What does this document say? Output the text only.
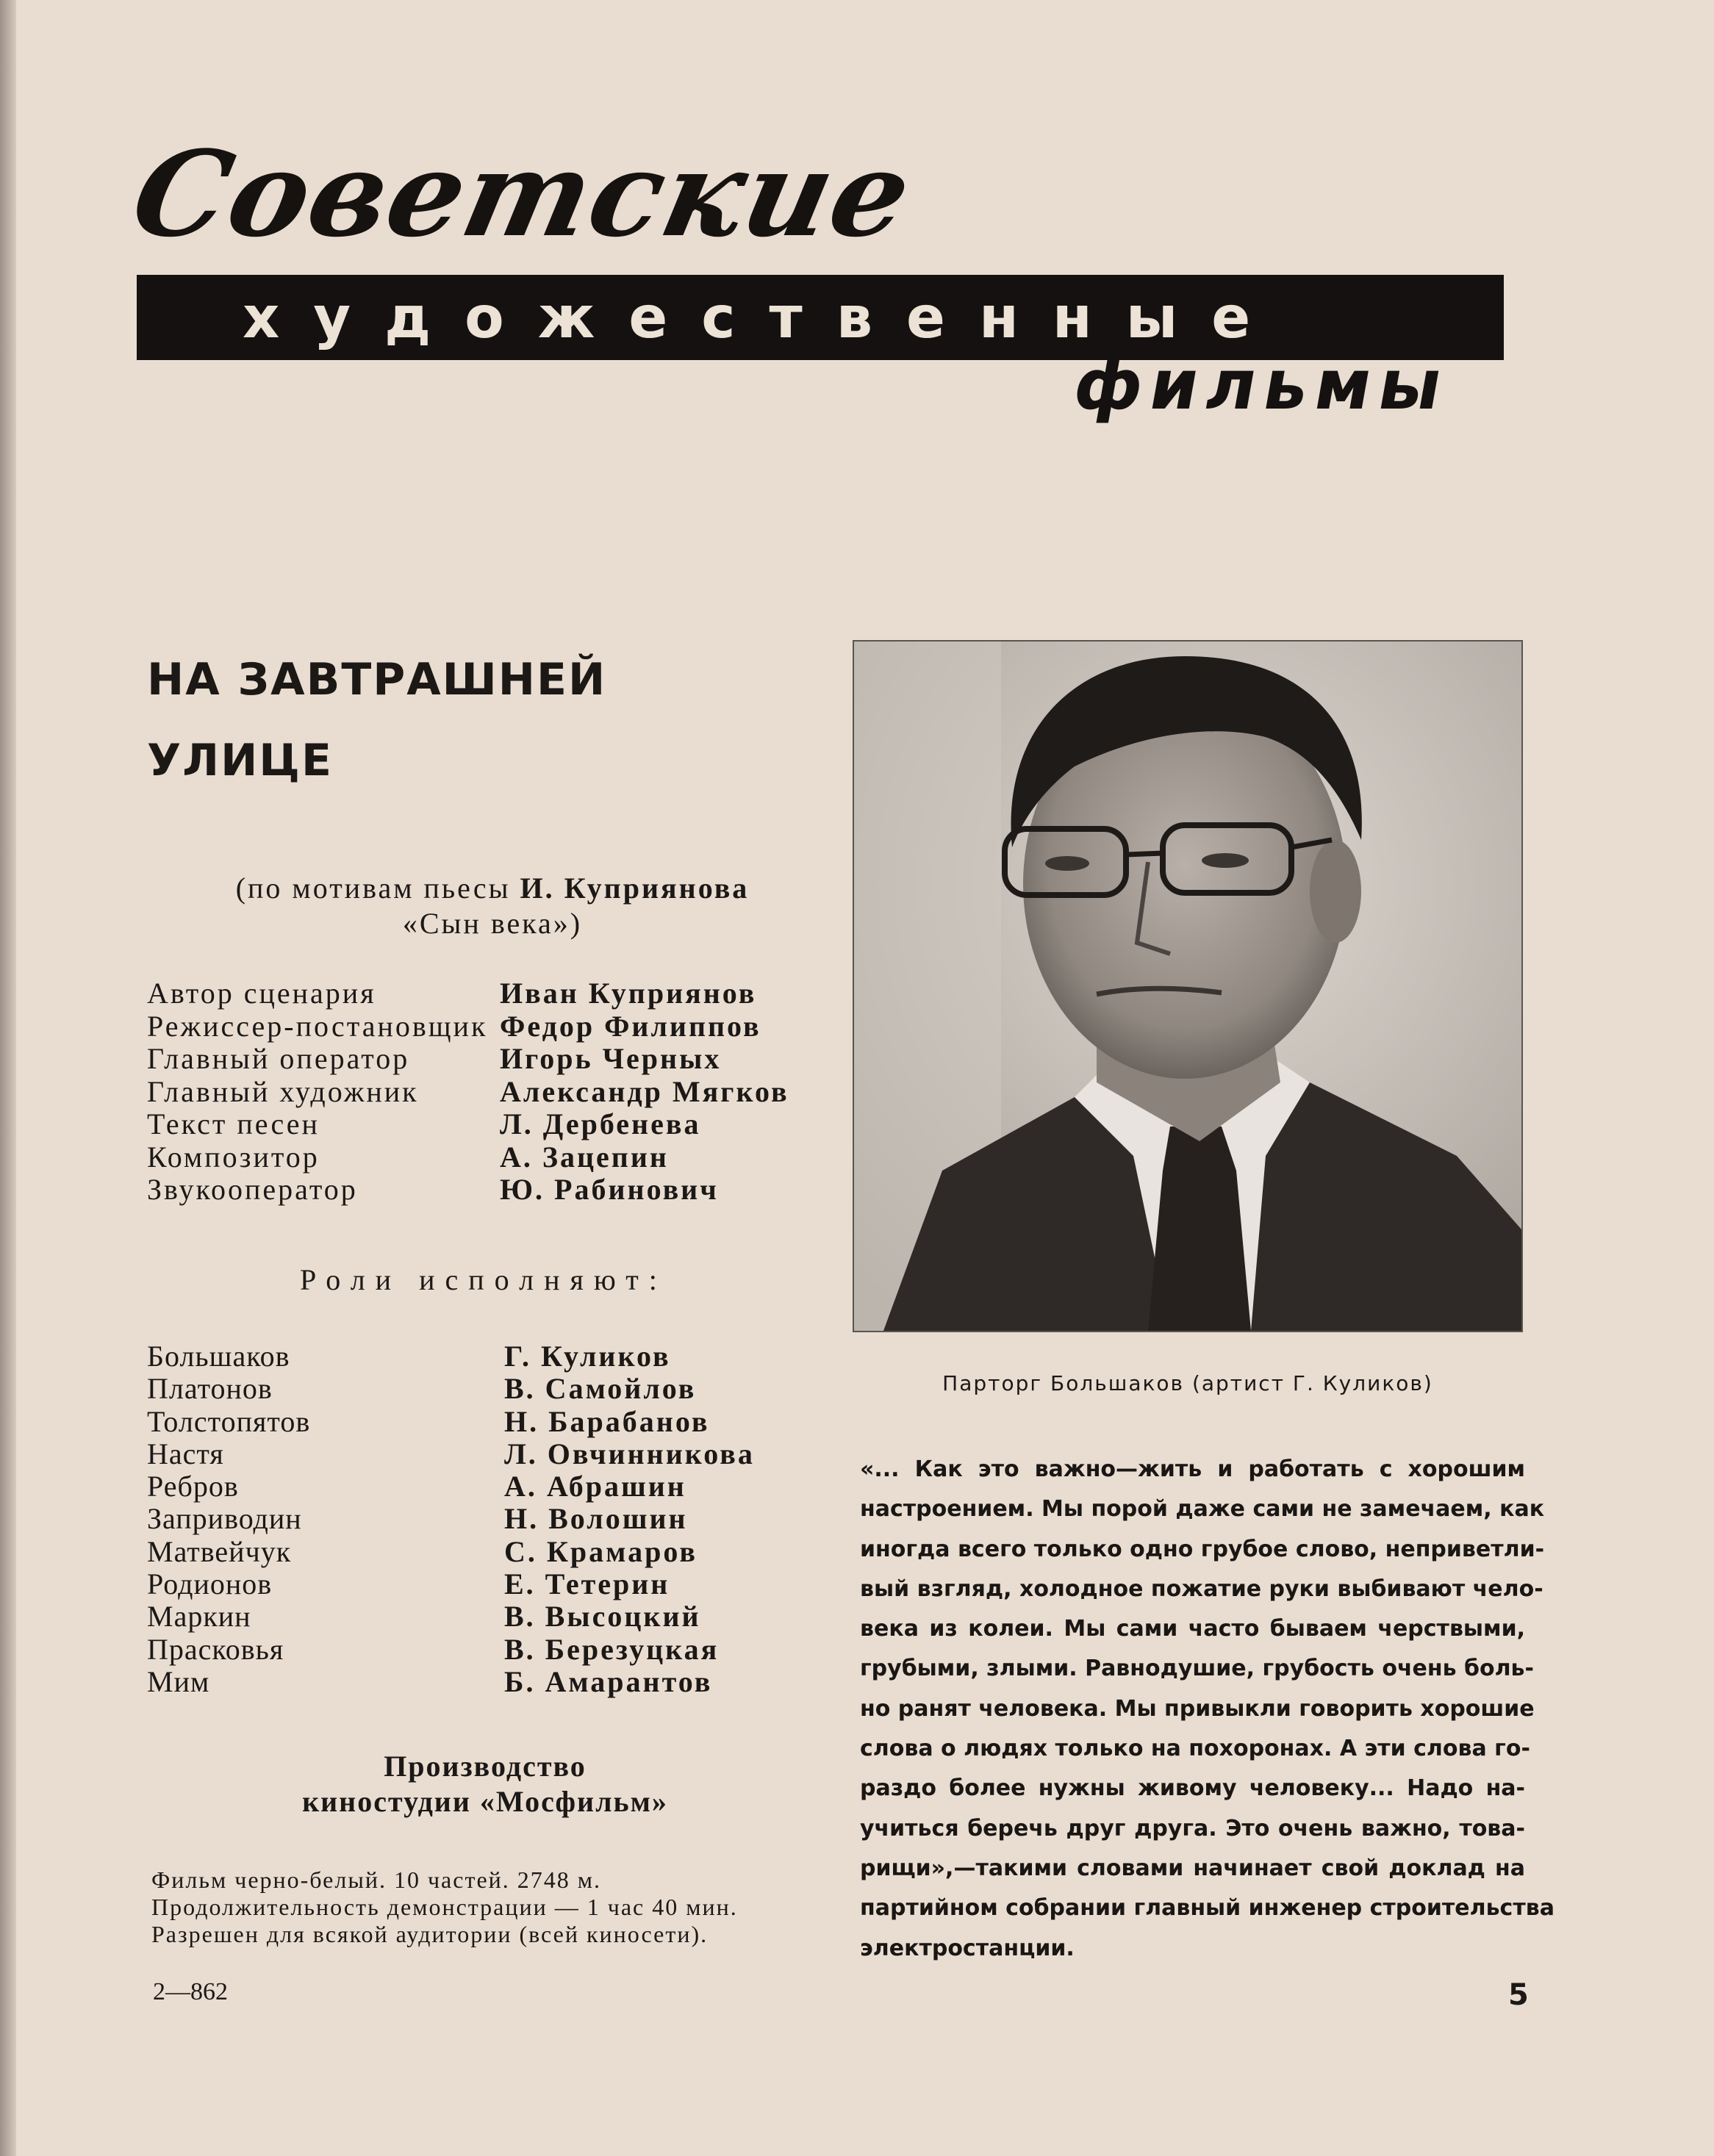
Советские
художественные
фильмы
НА ЗАВТРАШНЕЙ
УЛИЦЕ
(по мотивам пьесы И. Куприянова
«Сын века»)
Автор сценария	Иван Куприянов
Режиссер-постановщик Федор Филиппов
Главный оператор	Игорь Черных
Главный художник	Александр Мягков
Текст песен	Л. Дербенева
Композитор	А. Зацепин
Звукооператор	Ю. Рабинович
Роли исполняют:
Большаков	Г. Куликов
Платонов	В. Самойлов
Толстопятов	Н. Барабанов
Настя	Л. Овчинникова
Ребров	А. Абрашин
Заприводин	Н. Волошин
Матвейчук	С. Крамаров
Родионов	Е. Тетерин
Маркин	В. Высоцкий
Прасковья	В. Березуцкая
Мим	Б. Амарантов
Производство
киностудии «Мосфильм»
Фильм черно-белый. 10 частей. 2748 м.
Продолжительность демонстрации — 1 час 40 мин.
Разрешен для всякой аудитории (всей киносети).
2—862	5
Парторг Большаков (артист Г. Куликов)
«... Как это важно—жить и работать с хорошим
настроением. Мы порой даже сами не замечаем, как
иногда всего только одно грубое слово, неприветли-
вый взгляд, холодное пожатие руки выбивают чело-
века из колеи. Мы сами часто бываем черствыми,
грубыми, злыми. Равнодушие, грубость очень боль-
но ранят человека. Мы привыкли говорить хорошие
слова о людях только на похоронах. А эти слова го-
раздо более нужны живому человеку... Надо на-
учиться беречь друг друга. Это очень важно, това-
рищи»,—такими словами начинает свой доклад на
партийном собрании главный инженер строительства
электростанции.
